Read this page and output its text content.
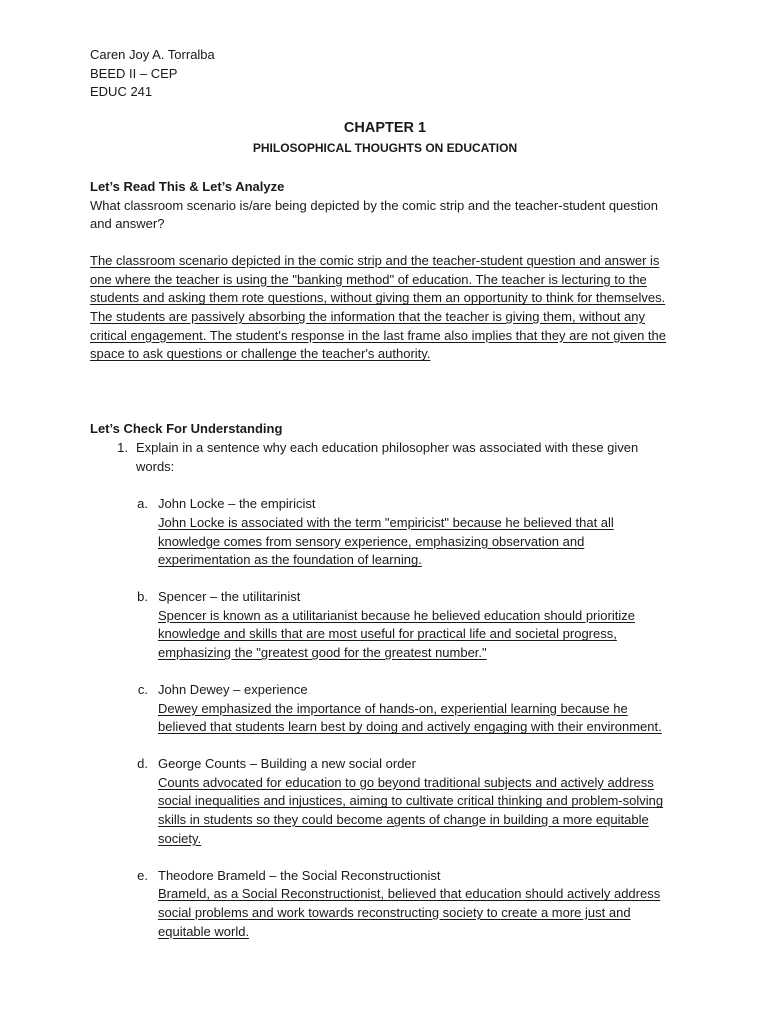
Caren Joy A. Torralba

BEED II – CEP

EDUC 241

CHAPTER 1

PHILOSOPHICAL THOUGHTS ON EDUCATION

Let’s Read This & Let’s Analyze

What classroom scenario is/are being depicted by the comic strip and the teacher-student question and answer?

The classroom scenario depicted in the comic strip and the teacher-student question and answer is one where the teacher is using the "banking method" of education. The teacher is lecturing to the students and asking them rote questions, without giving them an opportunity to think for themselves. The students are passively absorbing the information that the teacher is giving them, without any critical engagement. The student's response in the last frame also implies that they are not given the space to ask questions or challenge the teacher's authority.

Let’s Check For Understanding

1. Explain in a sentence why each education philosopher was associated with these given words:
a. John Locke – the empiricist
John Locke is associated with the term "empiricist" because he believed that all knowledge comes from sensory experience, emphasizing observation and experimentation as the foundation of learning.
b. Spencer – the utilitarinist
Spencer is known as a utilitarianist because he believed education should prioritize knowledge and skills that are most useful for practical life and societal progress, emphasizing the "greatest good for the greatest number."
c. John Dewey – experience
Dewey emphasized the importance of hands-on, experiential learning because he believed that students learn best by doing and actively engaging with their environment.
d. George Counts – Building a new social order
Counts advocated for education to go beyond traditional subjects and actively address social inequalities and injustices, aiming to cultivate critical thinking and problem-solving skills in students so they could become agents of change in building a more equitable society.
e. Theodore Brameld – the Social Reconstructionist
Brameld, as a Social Reconstructionist, believed that education should actively address social problems and work towards reconstructing society to create a more just and equitable world.
